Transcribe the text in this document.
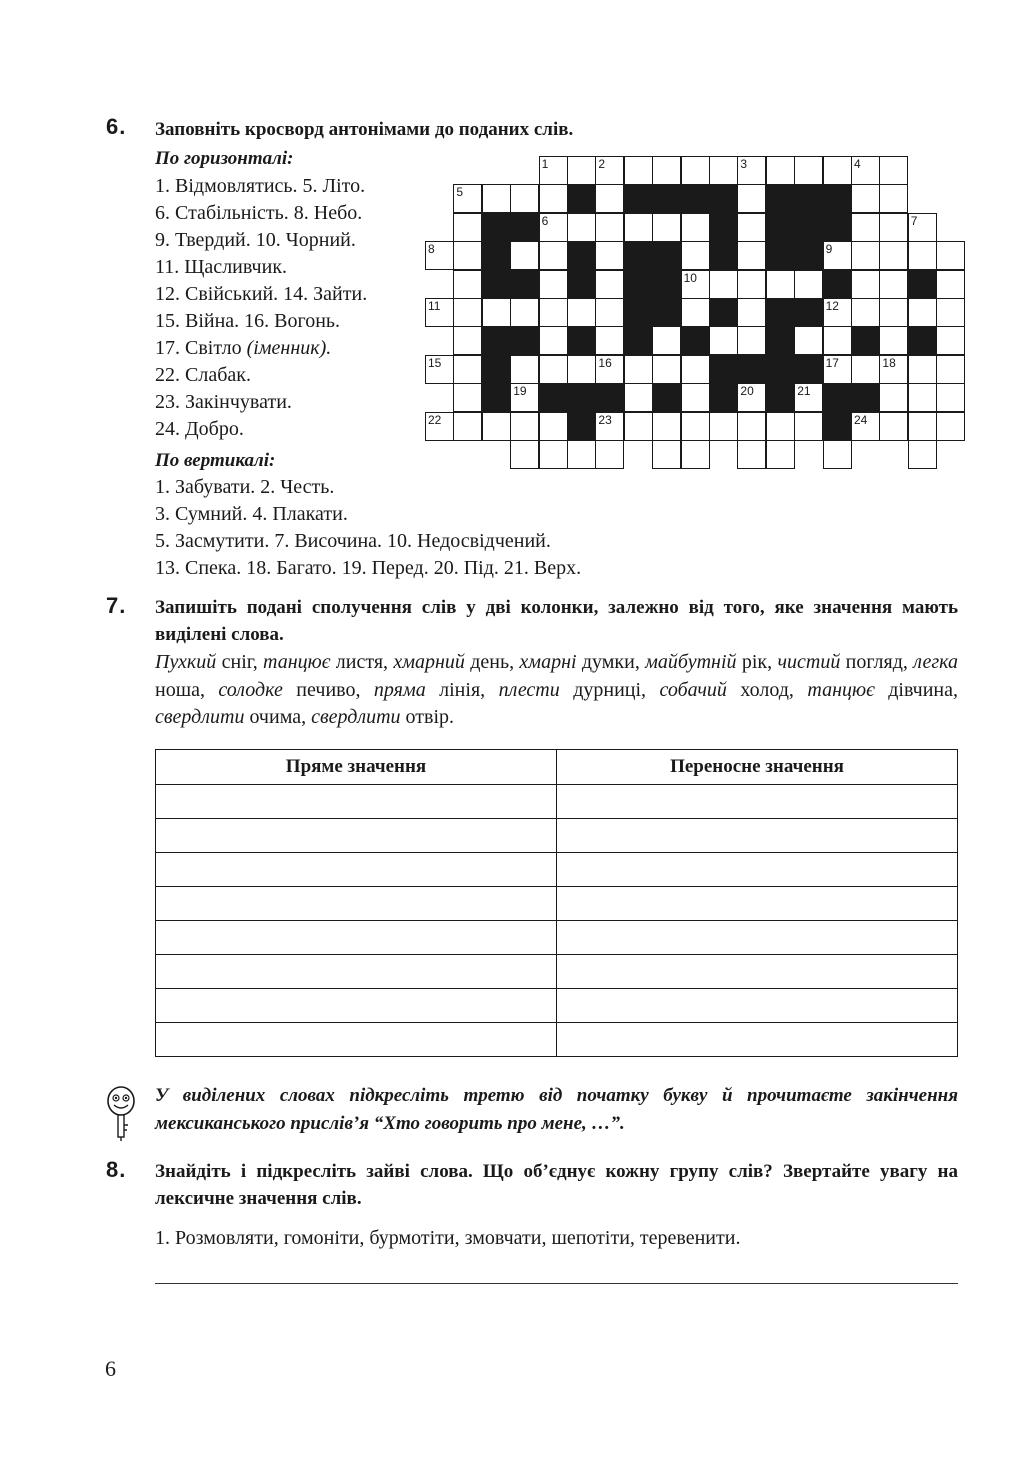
6. Заповніть кросворд антонімами до поданих слів.
По горизонталі:
1. Відмовлятись. 5. Літо.
6. Стабільність. 8. Небо.
9. Твердий. 10. Чорний.
11. Щасливчик.
12. Свійський. 14. Зайти.
15. Війна. 16. Вогонь.
17. Світло (іменник).
22. Слабак.
23. Закінчувати.
24. Добро.
По вертикалі:
1. Забувати. 2. Честь.
3. Сумний. 4. Плакати.
5. Засмутити. 7. Височина. 10. Недосвідчений.
13. Спека. 18. Багато. 19. Перед. 20. Під. 21. Верх.
1	2	3	4
5
6	7
8	9
10
11	12
13	14
15	16	17	18
19	20	21
22	23	24
7. Запишіть подані сполучення слів у дві колонки, залежно від того, яке значення мають виділені слова.
Пухкий сніг, танцює листя, хмарний день, хмарні думки, майбутній рік, чистий погляд, легка ноша, солодке печиво, пряма лінія, плести дурниці, собачий холод, танцює дівчина, свердлити очима, свердлити отвір.
Пряме значення	Переносне значення

У виділених словах підкресліть третю від початку букву й прочитаєте закінчення мексиканського прислів’я “Хто говорить про мене, …”.
8. Знайдіть і підкресліть зайві слова. Що об’єднує кожну групу слів? Звертайте увагу на лексичне значення слів.
1. Розмовляти, гомоніти, бурмотіти, змовчати, шепотіти, теревенити.
6
